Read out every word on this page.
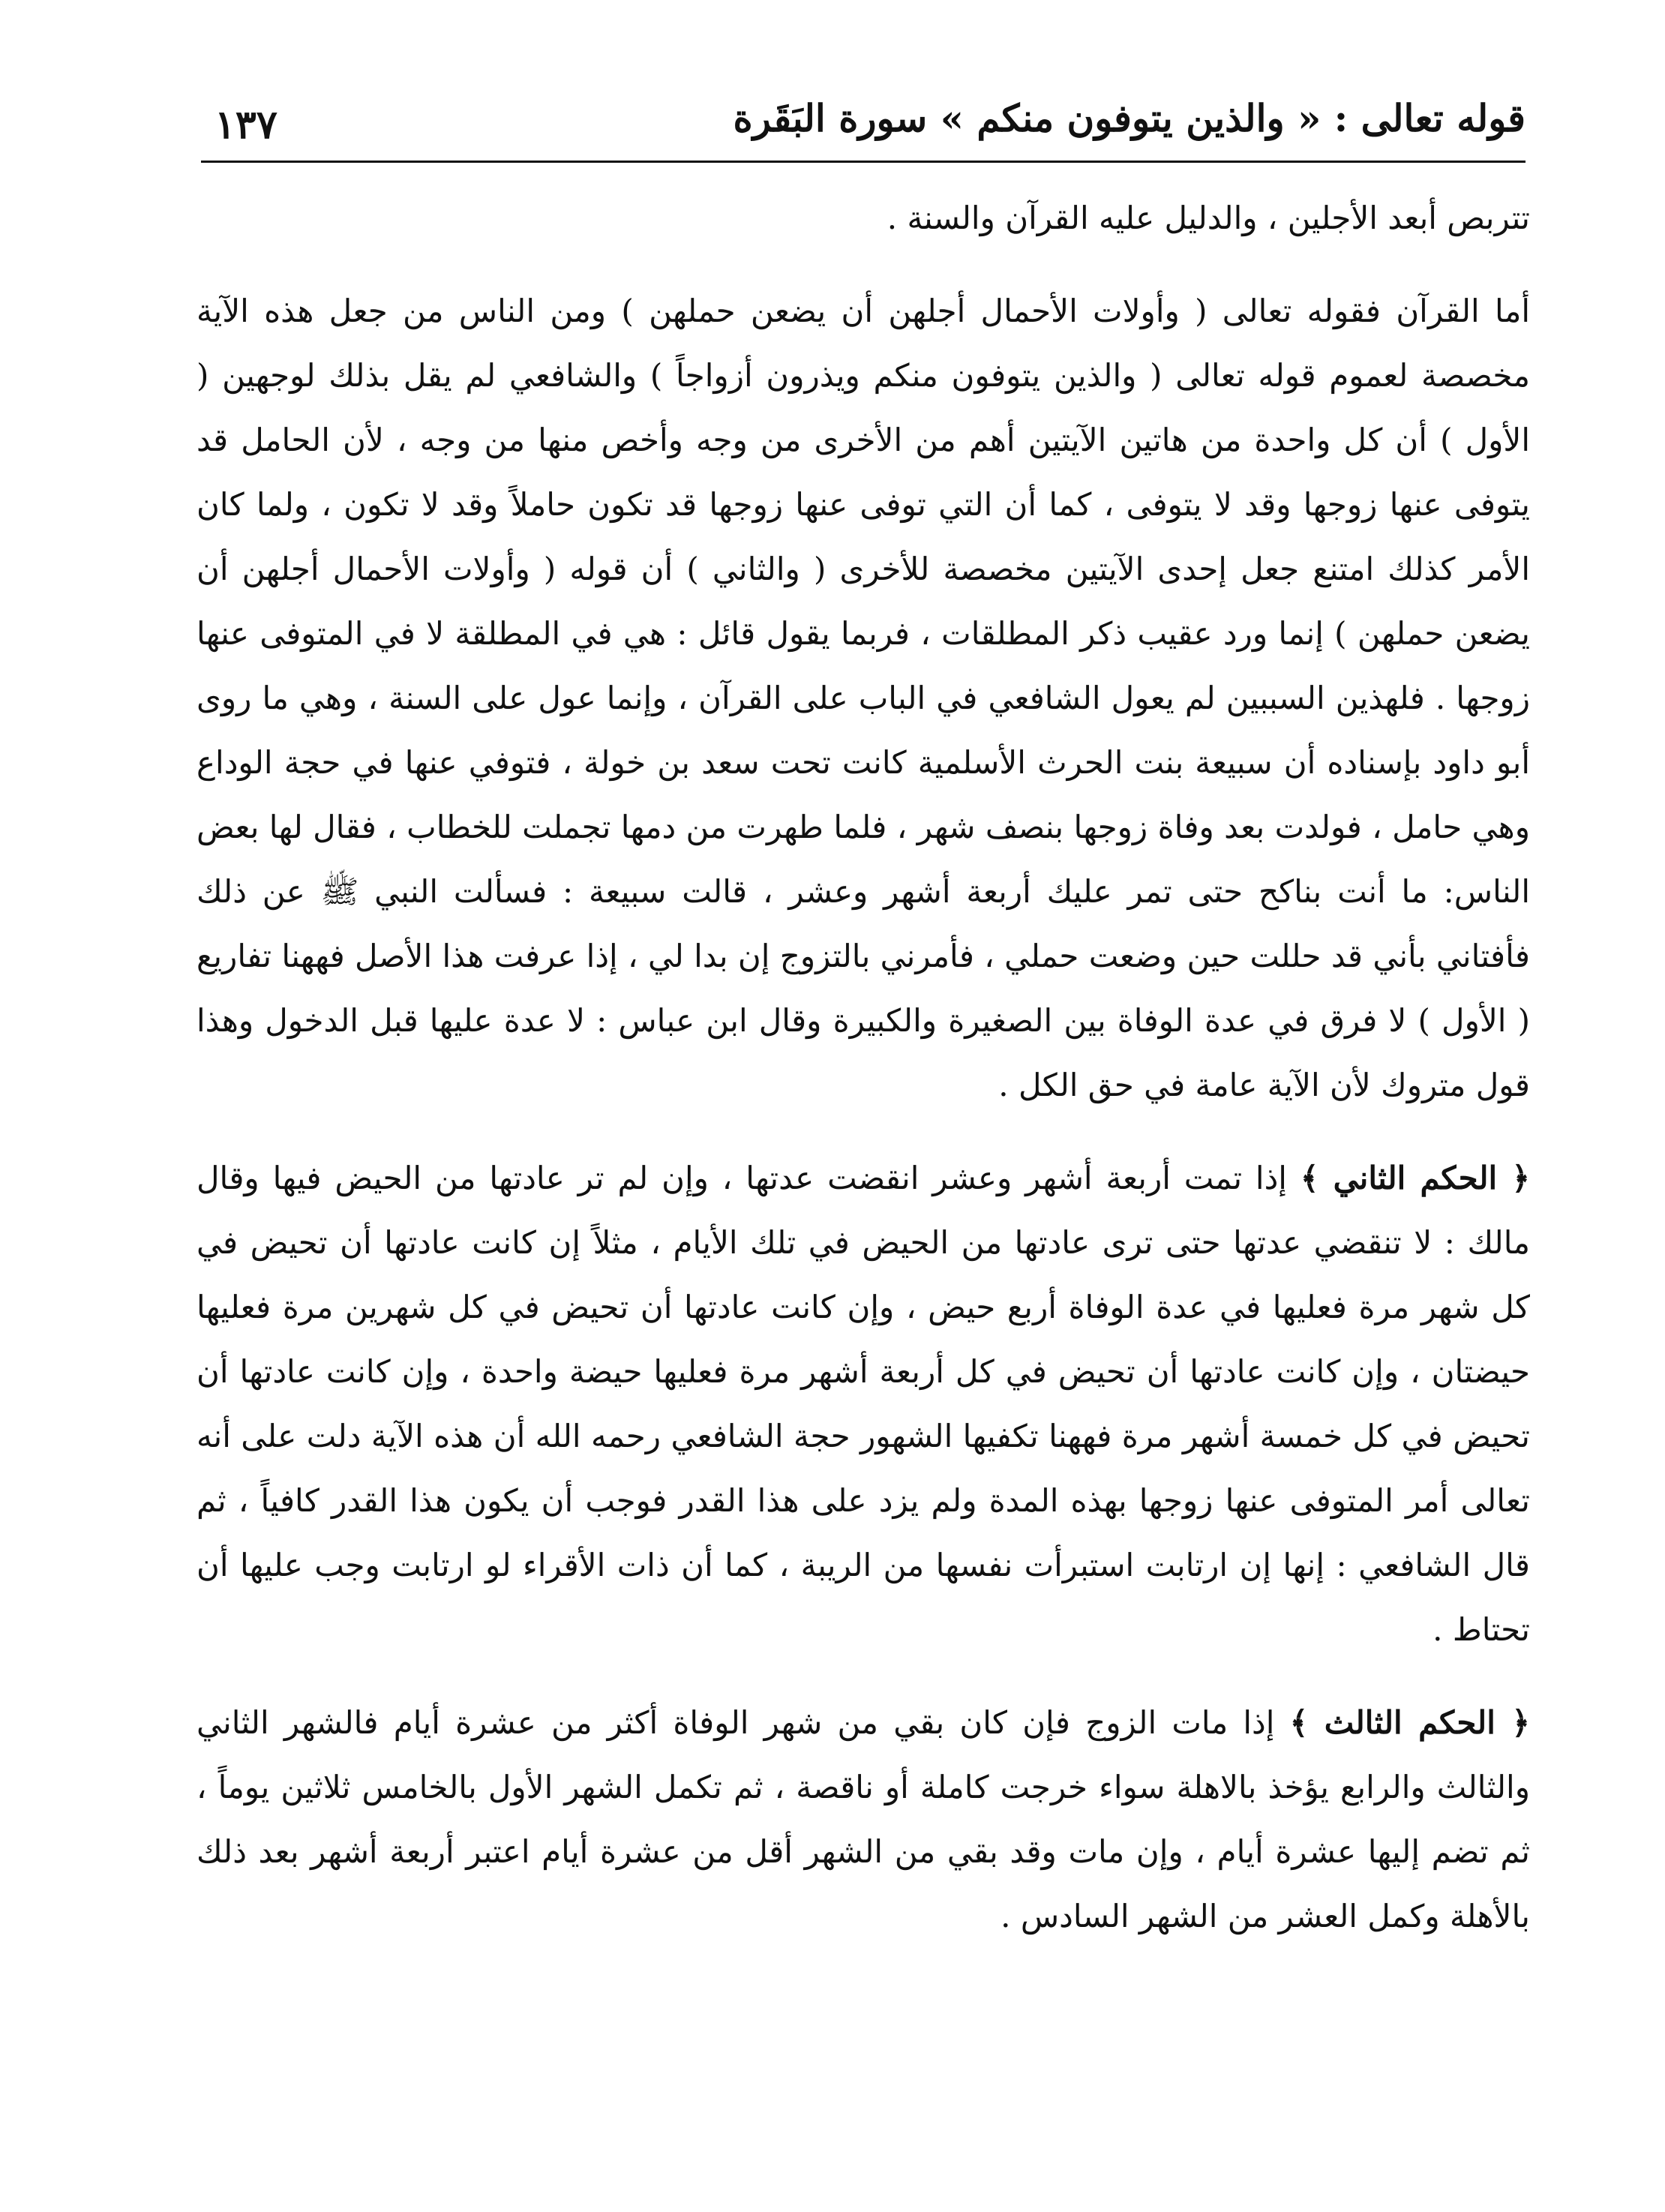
قوله تعالى : « والذين يتوفون منكم » سورة البَقَرة
١٣٧

تتربص أبعد الأجلين ، والدليل عليه القرآن والسنة .

أما القرآن فقوله تعالى ( وأولات الأحمال أجلهن أن يضعن حملهن ) ومن الناس من جعل هذه الآية مخصصة لعموم قوله تعالى ( والذين يتوفون منكم ويذرون أزواجاً ) والشافعي لم يقل بذلك لوجهين ( الأول ) أن كل واحدة من هاتين الآيتين أهم من الأخرى من وجه وأخص منها من وجه ، لأن الحامل قد يتوفى عنها زوجها وقد لا يتوفى ، كما أن التي توفى عنها زوجها قد تكون حاملاً وقد لا تكون ، ولما كان الأمر كذلك امتنع جعل إحدى الآيتين مخصصة للأخرى ( والثاني ) أن قوله ( وأولات الأحمال أجلهن أن يضعن حملهن ) إنما ورد عقيب ذكر المطلقات ، فربما يقول قائل : هي في المطلقة لا في المتوفى عنها زوجها . فلهذين السببين لم يعول الشافعي في الباب على القرآن ، وإنما عول على السنة ، وهي ما روى أبو داود بإسناده أن سبيعة بنت الحرث الأسلمية كانت تحت سعد بن خولة ، فتوفي عنها في حجة الوداع وهي حامل ، فولدت بعد وفاة زوجها بنصف شهر ، فلما طهرت من دمها تجملت للخطاب ، فقال لها بعض الناس: ما أنت بناكح حتى تمر عليك أربعة أشهر وعشر ، قالت سبيعة : فسألت النبي ﷺ عن ذلك فأفتاني بأني قد حللت حين وضعت حملي ، فأمرني بالتزوج إن بدا لي ، إذا عرفت هذا الأصل فههنا تفاريع ( الأول ) لا فرق في عدة الوفاة بين الصغيرة والكبيرة وقال ابن عباس : لا عدة عليها قبل الدخول وهذا قول متروك لأن الآية عامة في حق الكل .

﴿ الحكم الثاني ﴾ إذا تمت أربعة أشهر وعشر انقضت عدتها ، وإن لم تر عادتها من الحيض فيها وقال مالك : لا تنقضي عدتها حتى ترى عادتها من الحيض في تلك الأيام ، مثلاً إن كانت عادتها أن تحيض في كل شهر مرة فعليها في عدة الوفاة أربع حيض ، وإن كانت عادتها أن تحيض في كل شهرين مرة فعليها حيضتان ، وإن كانت عادتها أن تحيض في كل أربعة أشهر مرة فعليها حيضة واحدة ، وإن كانت عادتها أن تحيض في كل خمسة أشهر مرة فههنا تكفيها الشهور حجة الشافعي رحمه الله أن هذه الآية دلت على أنه تعالى أمر المتوفى عنها زوجها بهذه المدة ولم يزد على هذا القدر فوجب أن يكون هذا القدر كافياً ، ثم قال الشافعي : إنها إن ارتابت استبرأت نفسها من الريبة ، كما أن ذات الأقراء لو ارتابت وجب عليها أن تحتاط .

﴿ الحكم الثالث ﴾ إذا مات الزوج فإن كان بقي من شهر الوفاة أكثر من عشرة أيام فالشهر الثاني والثالث والرابع يؤخذ بالاهلة سواء خرجت كاملة أو ناقصة ، ثم تكمل الشهر الأول بالخامس ثلاثين يوماً ، ثم تضم إليها عشرة أيام ، وإن مات وقد بقي من الشهر أقل من عشرة أيام اعتبر أربعة أشهر بعد ذلك بالأهلة وكمل العشر من الشهر السادس .
